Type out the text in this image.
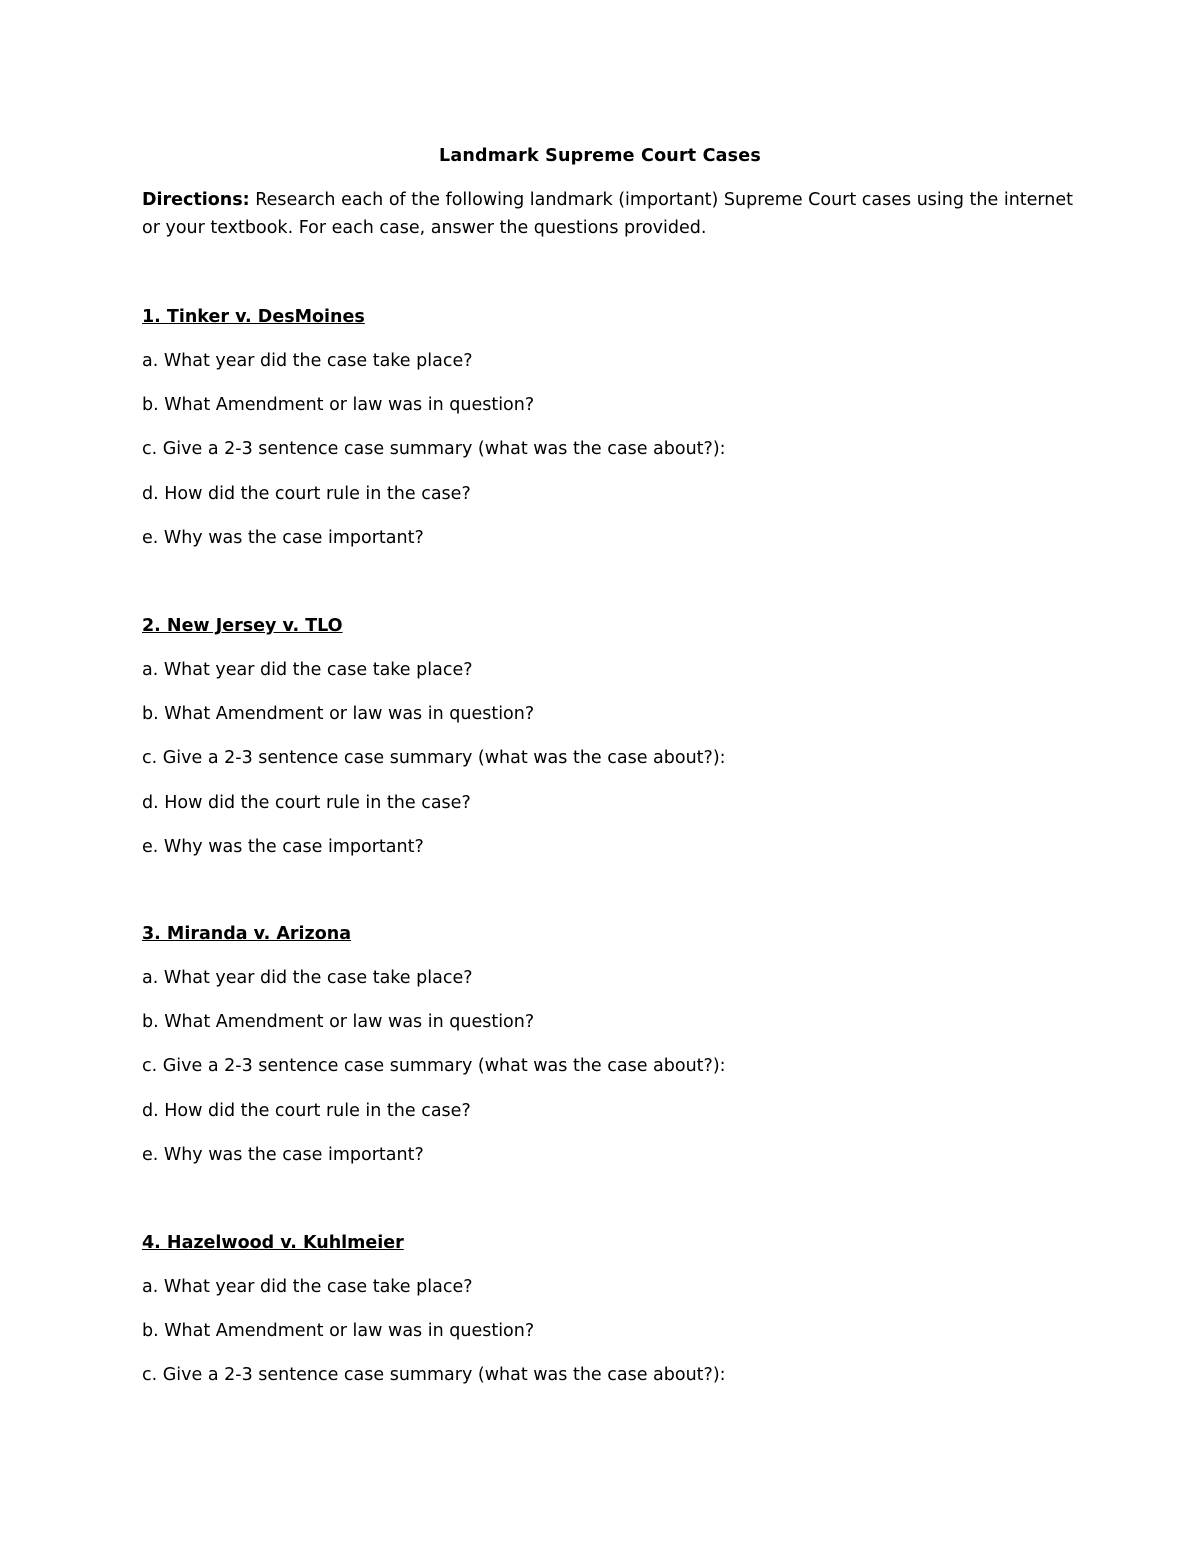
Landmark Supreme Court Cases
Directions: Research each of the following landmark (important) Supreme Court cases using the internet or your textbook. For each case, answer the questions provided.
1. Tinker v. DesMoines
a. What year did the case take place?
b. What Amendment or law was in question?
c. Give a 2-3 sentence case summary (what was the case about?):
d. How did the court rule in the case?
e. Why was the case important?
2. New Jersey v. TLO
a. What year did the case take place?
b. What Amendment or law was in question?
c. Give a 2-3 sentence case summary (what was the case about?):
d. How did the court rule in the case?
e. Why was the case important?
3. Miranda v. Arizona
a. What year did the case take place?
b. What Amendment or law was in question?
c. Give a 2-3 sentence case summary (what was the case about?):
d. How did the court rule in the case?
e. Why was the case important?
4. Hazelwood v. Kuhlmeier
a. What year did the case take place?
b. What Amendment or law was in question?
c. Give a 2-3 sentence case summary (what was the case about?):
